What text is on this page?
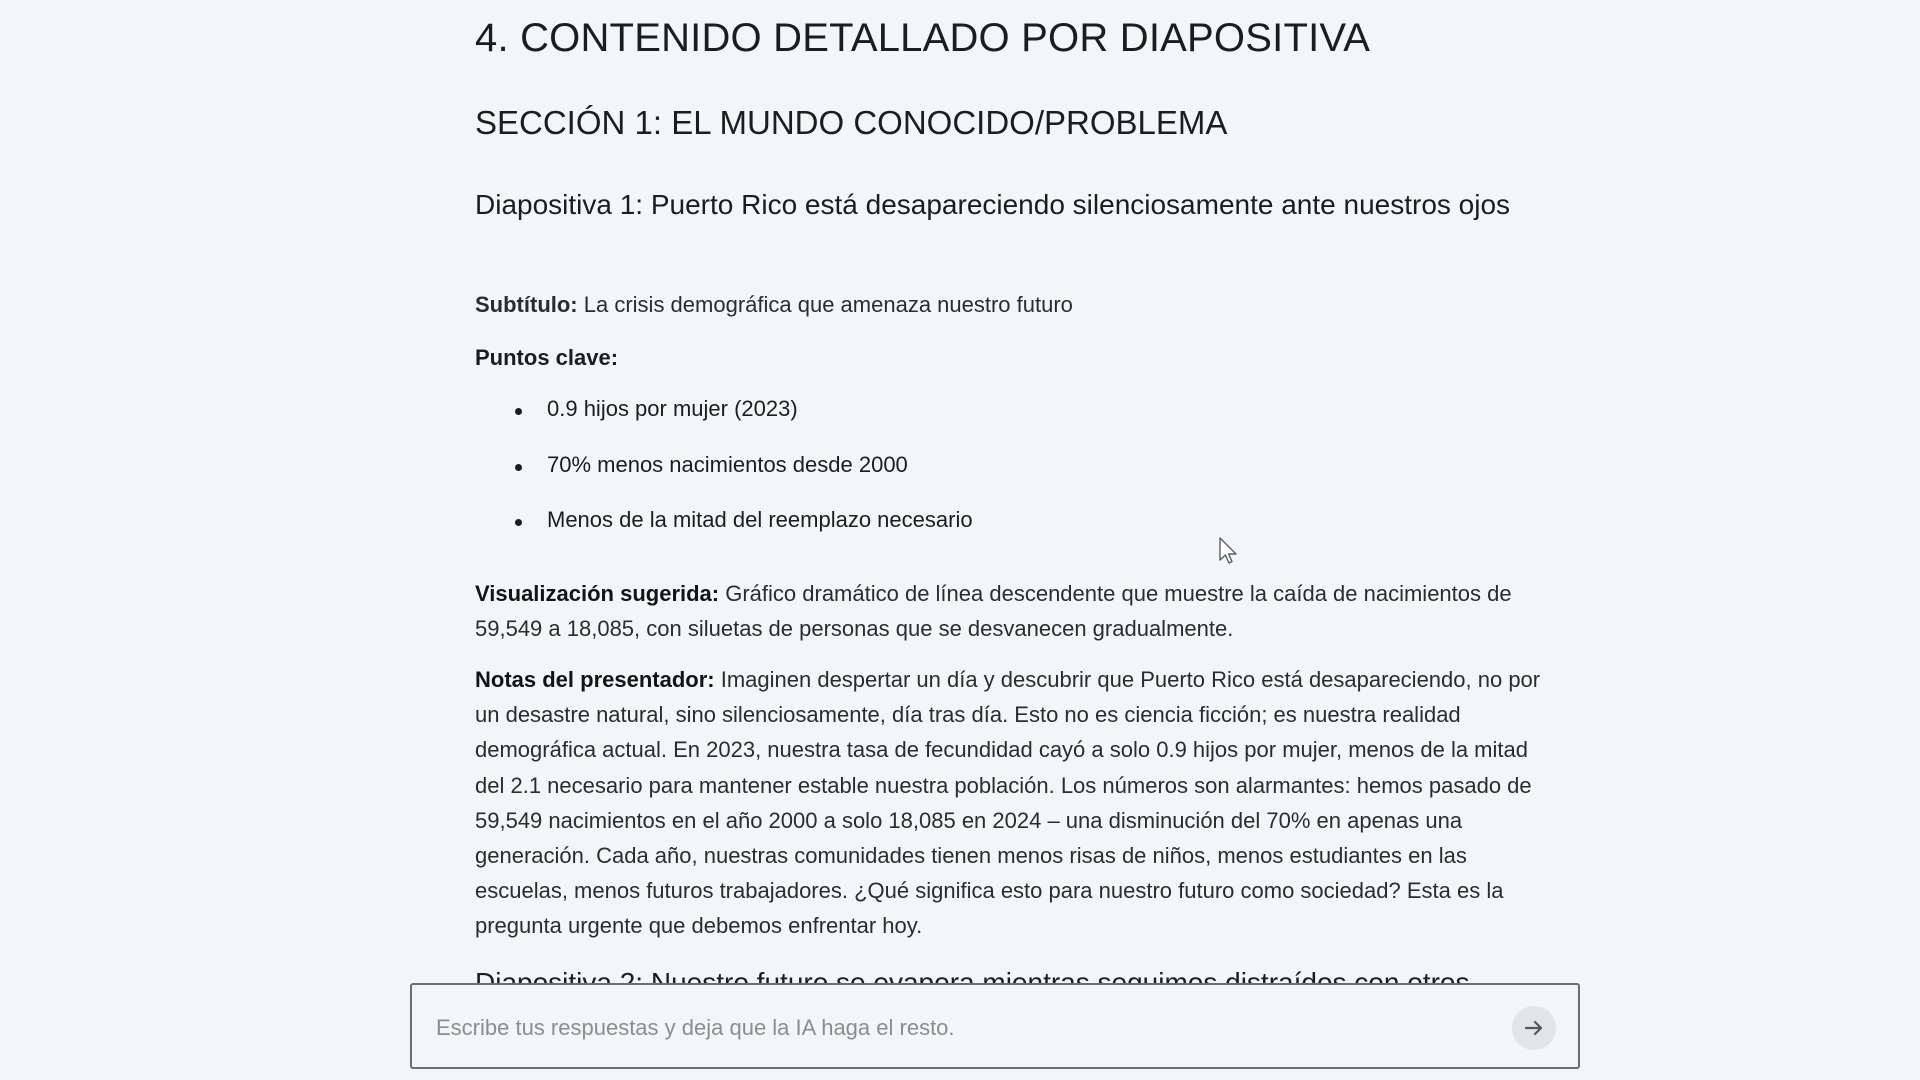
4. CONTENIDO DETALLADO POR DIAPOSITIVA
SECCIÓN 1: EL MUNDO CONOCIDO/PROBLEMA
Diapositiva 1: Puerto Rico está desapareciendo silenciosamente ante nuestros ojos
Subtítulo: La crisis demográfica que amenaza nuestro futuro
Puntos clave:
0.9 hijos por mujer (2023)
70% menos nacimientos desde 2000
Menos de la mitad del reemplazo necesario
Visualización sugerida: Gráfico dramático de línea descendente que muestre la caída de nacimientos de 59,549 a 18,085, con siluetas de personas que se desvanecen gradualmente.
Notas del presentador: Imaginen despertar un día y descubrir que Puerto Rico está desapareciendo, no por un desastre natural, sino silenciosamente, día tras día. Esto no es ciencia ficción; es nuestra realidad demográfica actual. En 2023, nuestra tasa de fecundidad cayó a solo 0.9 hijos por mujer, menos de la mitad del 2.1 necesario para mantener estable nuestra población. Los números son alarmantes: hemos pasado de 59,549 nacimientos en el año 2000 a solo 18,085 en 2024 – una disminución del 70% en apenas una generación. Cada año, nuestras comunidades tienen menos risas de niños, menos estudiantes en las escuelas, menos futuros trabajadores. ¿Qué significa esto para nuestro futuro como sociedad? Esta es la pregunta urgente que debemos enfrentar hoy.
Escribe tus respuestas y deja que la IA haga el resto.
